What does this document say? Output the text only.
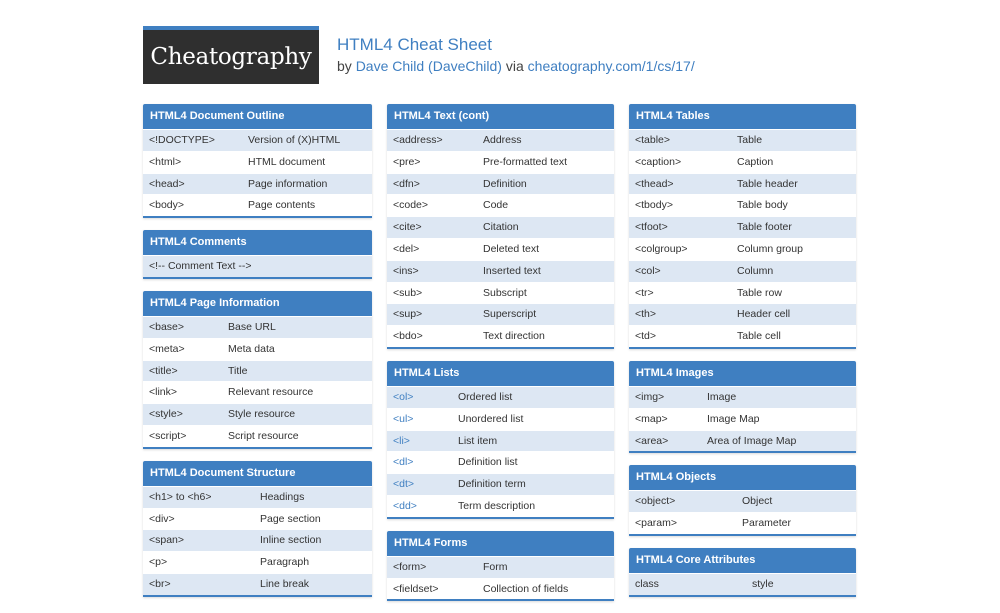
Cheatography	HTML4 Cheat Sheet
by Dave Child (DaveChild) via cheatography.com/1/cs/17/
HTML4 Document Outline
<!DOCTYPE>	Version of (X)HTML
<html>	HTML document
<head>	Page information
<body>	Page contents
HTML4 Comments
<!-- Comment Text -->
HTML4 Page Information
<base>	Base URL
<meta>	Meta data
<title>	Title
<link>	Relevant resource
<style>	Style resource
<script>	Script resource
HTML4 Document Structure
<h1> to <h6>	Headings
<div>	Page section
<span>	Inline section
<p>	Paragraph
<br>	Line break
HTML4 Text (cont)
<address>	Address
<pre>	Pre-formatted text
<dfn>	Definition
<code>	Code
<cite>	Citation
<del>	Deleted text
<ins>	Inserted text
<sub>	Subscript
<sup>	Superscript
<bdo>	Text direction
HTML4 Lists
<ol>	Ordered list
<ul>	Unordered list
<li>	List item
<dl>	Definition list
<dt>	Definition term
<dd>	Term description
HTML4 Forms
<form>	Form
<fieldset>	Collection of fields
HTML4 Tables
<table>	Table
<caption>	Caption
<thead>	Table header
<tbody>	Table body
<tfoot>	Table footer
<colgroup>	Column group
<col>	Column
<tr>	Table row
<th>	Header cell
<td>	Table cell
HTML4 Images
<img>	Image
<map>	Image Map
<area>	Area of Image Map
HTML4 Objects
<object>	Object
<param>	Parameter
HTML4 Core Attributes
class	style
